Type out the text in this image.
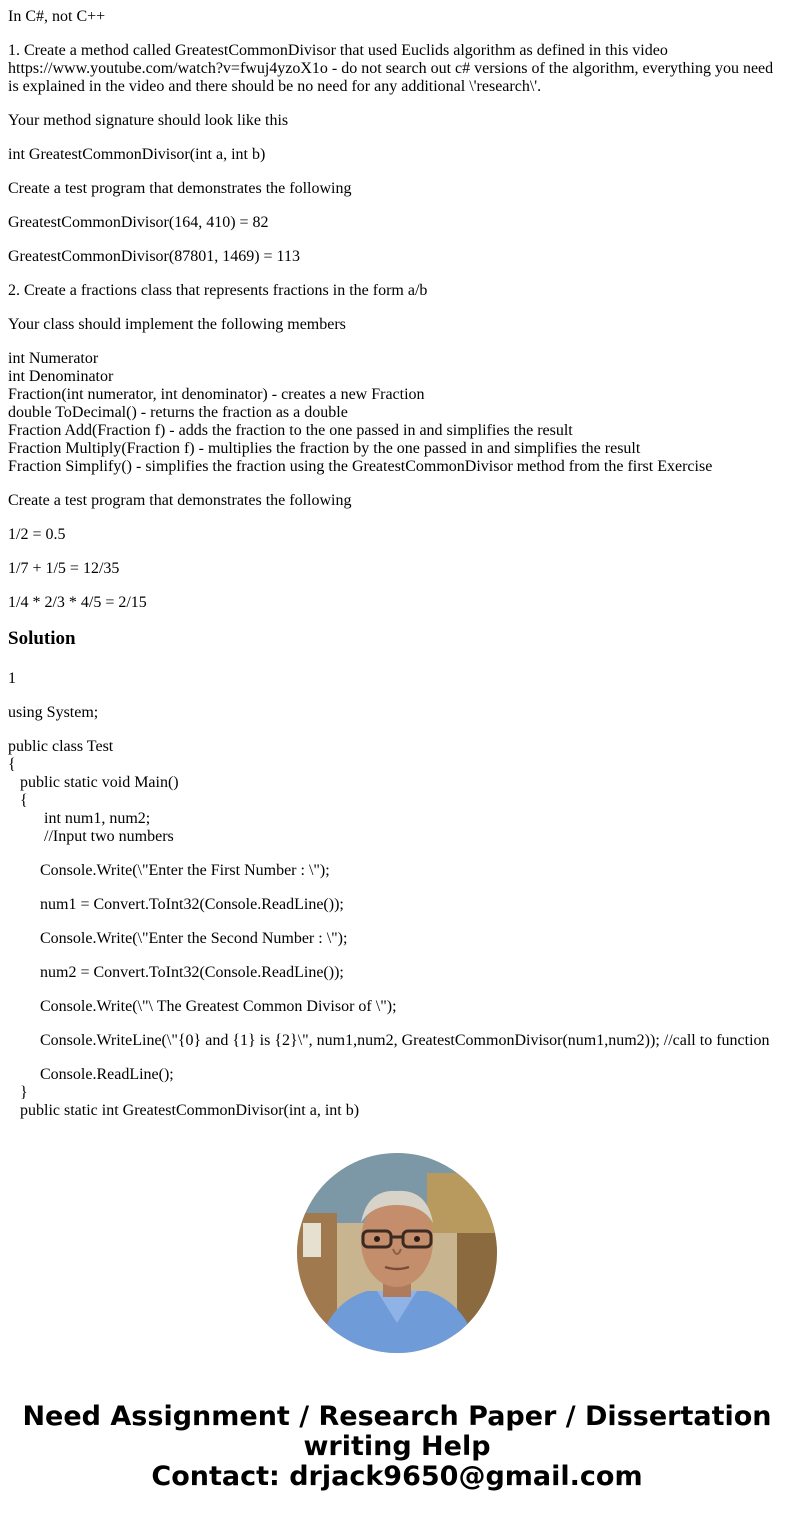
In C#, not C++

1. Create a method called GreatestCommonDivisor that used Euclids algorithm as defined in this video https://www.youtube.com/watch?v=fwuj4yzoX1o - do not search out c# versions of the algorithm, everything you need is explained in the video and there should be no need for any additional \'research\'.

Your method signature should look like this

int GreatestCommonDivisor(int a, int b)

Create a test program that demonstrates the following

GreatestCommonDivisor(164, 410) = 82

GreatestCommonDivisor(87801, 1469) = 113

2. Create a fractions class that represents fractions in the form a/b

Your class should implement the following members

int Numerator
int Denominator
Fraction(int numerator, int denominator) - creates a new Fraction
double ToDecimal() - returns the fraction as a double
Fraction Add(Fraction f) - adds the fraction to the one passed in and simplifies the result
Fraction Multiply(Fraction f) - multiplies the fraction by the one passed in and simplifies the result
Fraction Simplify() - simplifies the fraction using the GreatestCommonDivisor method from the first Exercise

Create a test program that demonstrates the following

1/2 = 0.5

1/7 + 1/5 = 12/35

1/4 * 2/3 * 4/5 = 2/15

Solution

1

using System;
public class Test
{
public static void Main()
{
int num1, num2;
//Input two numbers
Console.Write(\"Enter the First Number : \");
num1 = Convert.ToInt32(Console.ReadLine());
Console.Write(\"Enter the Second Number : \");
num2 = Convert.ToInt32(Console.ReadLine());
Console.Write(\"\ The Greatest Common Divisor of \");
Console.WriteLine(\"{0} and {1} is {2}\", num1,num2, GreatestCommonDivisor(num1,num2)); //call to function
Console.ReadLine();
}
public static int GreatestCommonDivisor(int a, int b)
Need Assignment / Research Paper / Dissertation
writing Help
Contact: drjack9650@gmail.com
